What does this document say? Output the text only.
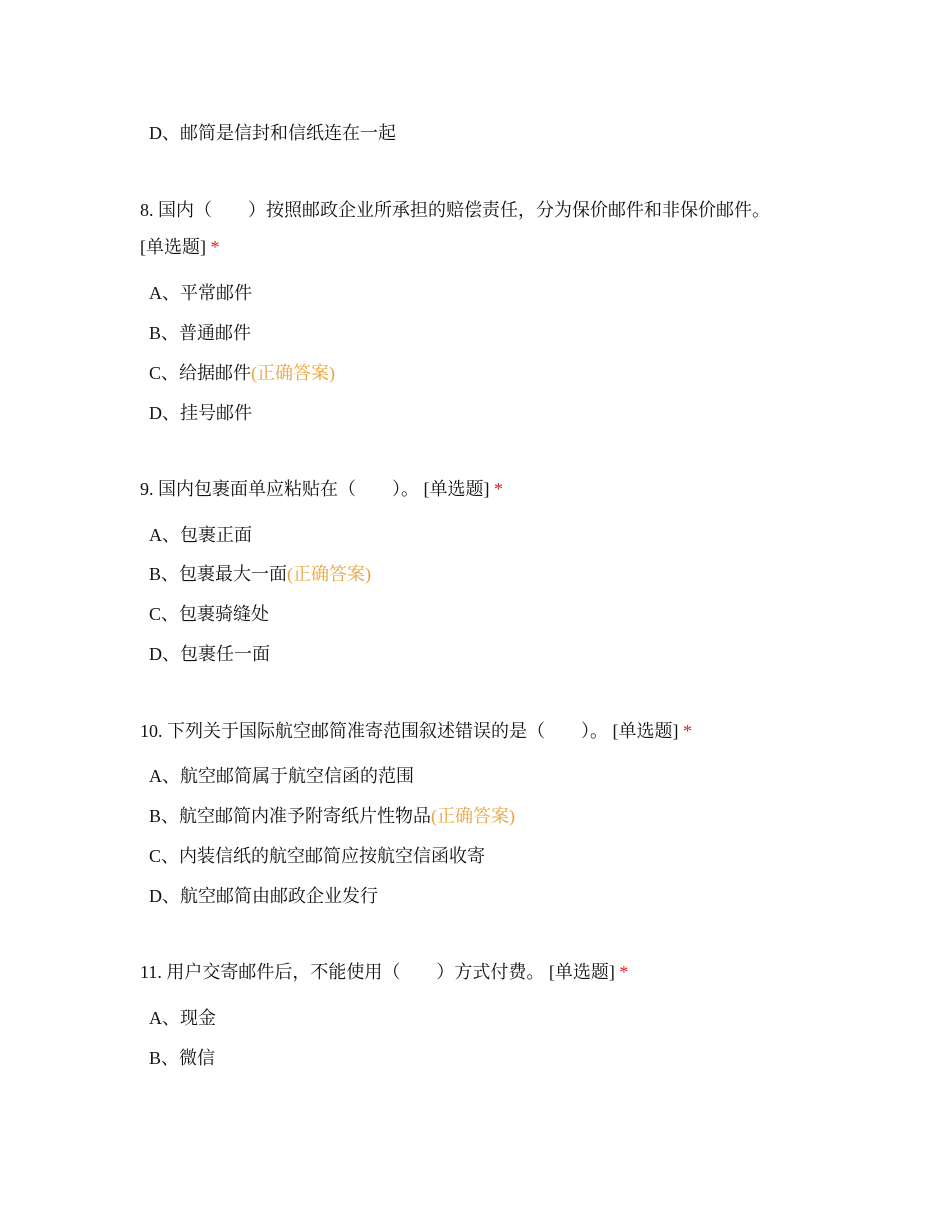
D、邮简是信封和信纸连在一起
8. 国内（　　）按照邮政企业所承担的赔偿责任，分为保价邮件和非保价邮件。
[单选题] *
A、平常邮件
B、普通邮件
C、给据邮件(正确答案)
D、挂号邮件
9. 国内包裹面单应粘贴在（　　）。 [单选题] *
A、包裹正面
B、包裹最大一面(正确答案)
C、包裹骑缝处
D、包裹任一面
10. 下列关于国际航空邮简准寄范围叙述错误的是（　　）。 [单选题] *
A、航空邮简属于航空信函的范围
B、航空邮简内准予附寄纸片性物品(正确答案)
C、内装信纸的航空邮简应按航空信函收寄
D、航空邮简由邮政企业发行
11. 用户交寄邮件后，不能使用（　　）方式付费。 [单选题] *
A、现金
B、微信
